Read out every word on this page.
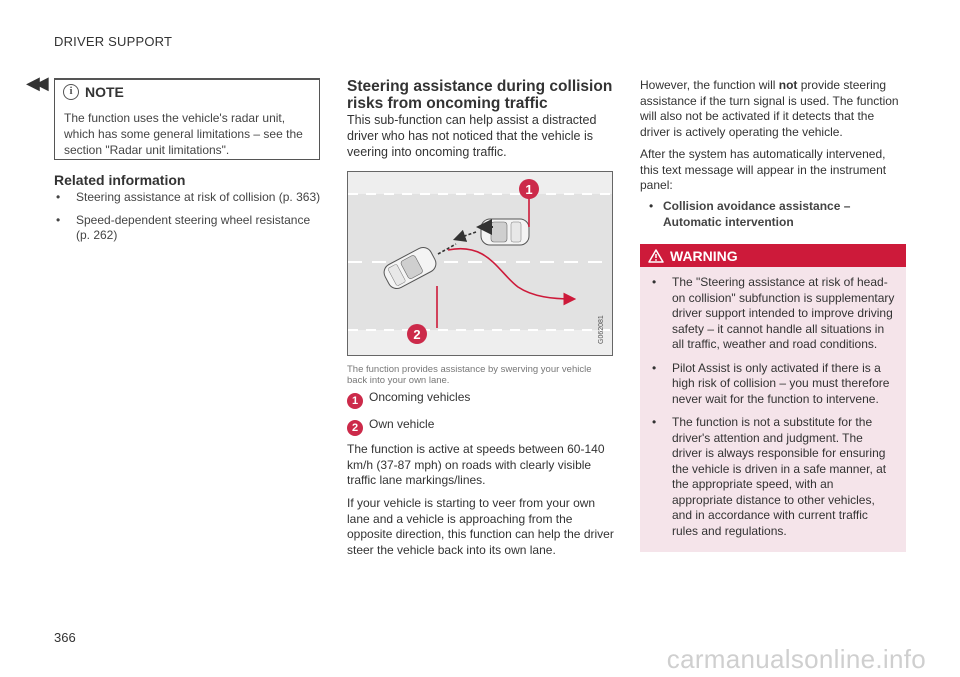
DRIVER SUPPORT
◀◀	i NOTE
The function uses the vehicle's radar unit, which has some general limitations – see the section "Radar unit limitations".
Related information
• Steering assistance at risk of collision (p. 363)
• Speed-dependent steering wheel resistance (p. 262)
Steering assistance during collision risks from oncoming traffic
This sub-function can help assist a distracted driver who has not noticed that the vehicle is veering into oncoming traffic.
1
2	G062081
The function provides assistance by swerving your vehicle back into your own lane.
1 Oncoming vehicles
2 Own vehicle
The function is active at speeds between 60-140 km/h (37-87 mph) on roads with clearly visible traffic lane markings/lines.
If your vehicle is starting to veer from your own lane and a vehicle is approaching from the opposite direction, this function can help the driver steer the vehicle back into its own lane.
However, the function will not provide steering assistance if the turn signal is used. The function will also not be activated if it detects that the driver is actively operating the vehicle.
After the system has automatically intervened, this text message will appear in the instrument panel:
• Collision avoidance assistance – Automatic intervention
WARNING
• The "Steering assistance at risk of head-on collision" subfunction is supplementary driver support intended to improve driving safety – it cannot handle all situations in all traffic, weather and road conditions.
• Pilot Assist is only activated if there is a high risk of collision – you must therefore never wait for the function to intervene.
• The function is not a substitute for the driver's attention and judgment. The driver is always responsible for ensuring the vehicle is driven in a safe manner, at the appropriate speed, with an appropriate distance to other vehicles, and in accordance with current traffic rules and regulations.
366
carmanualsonline.info
